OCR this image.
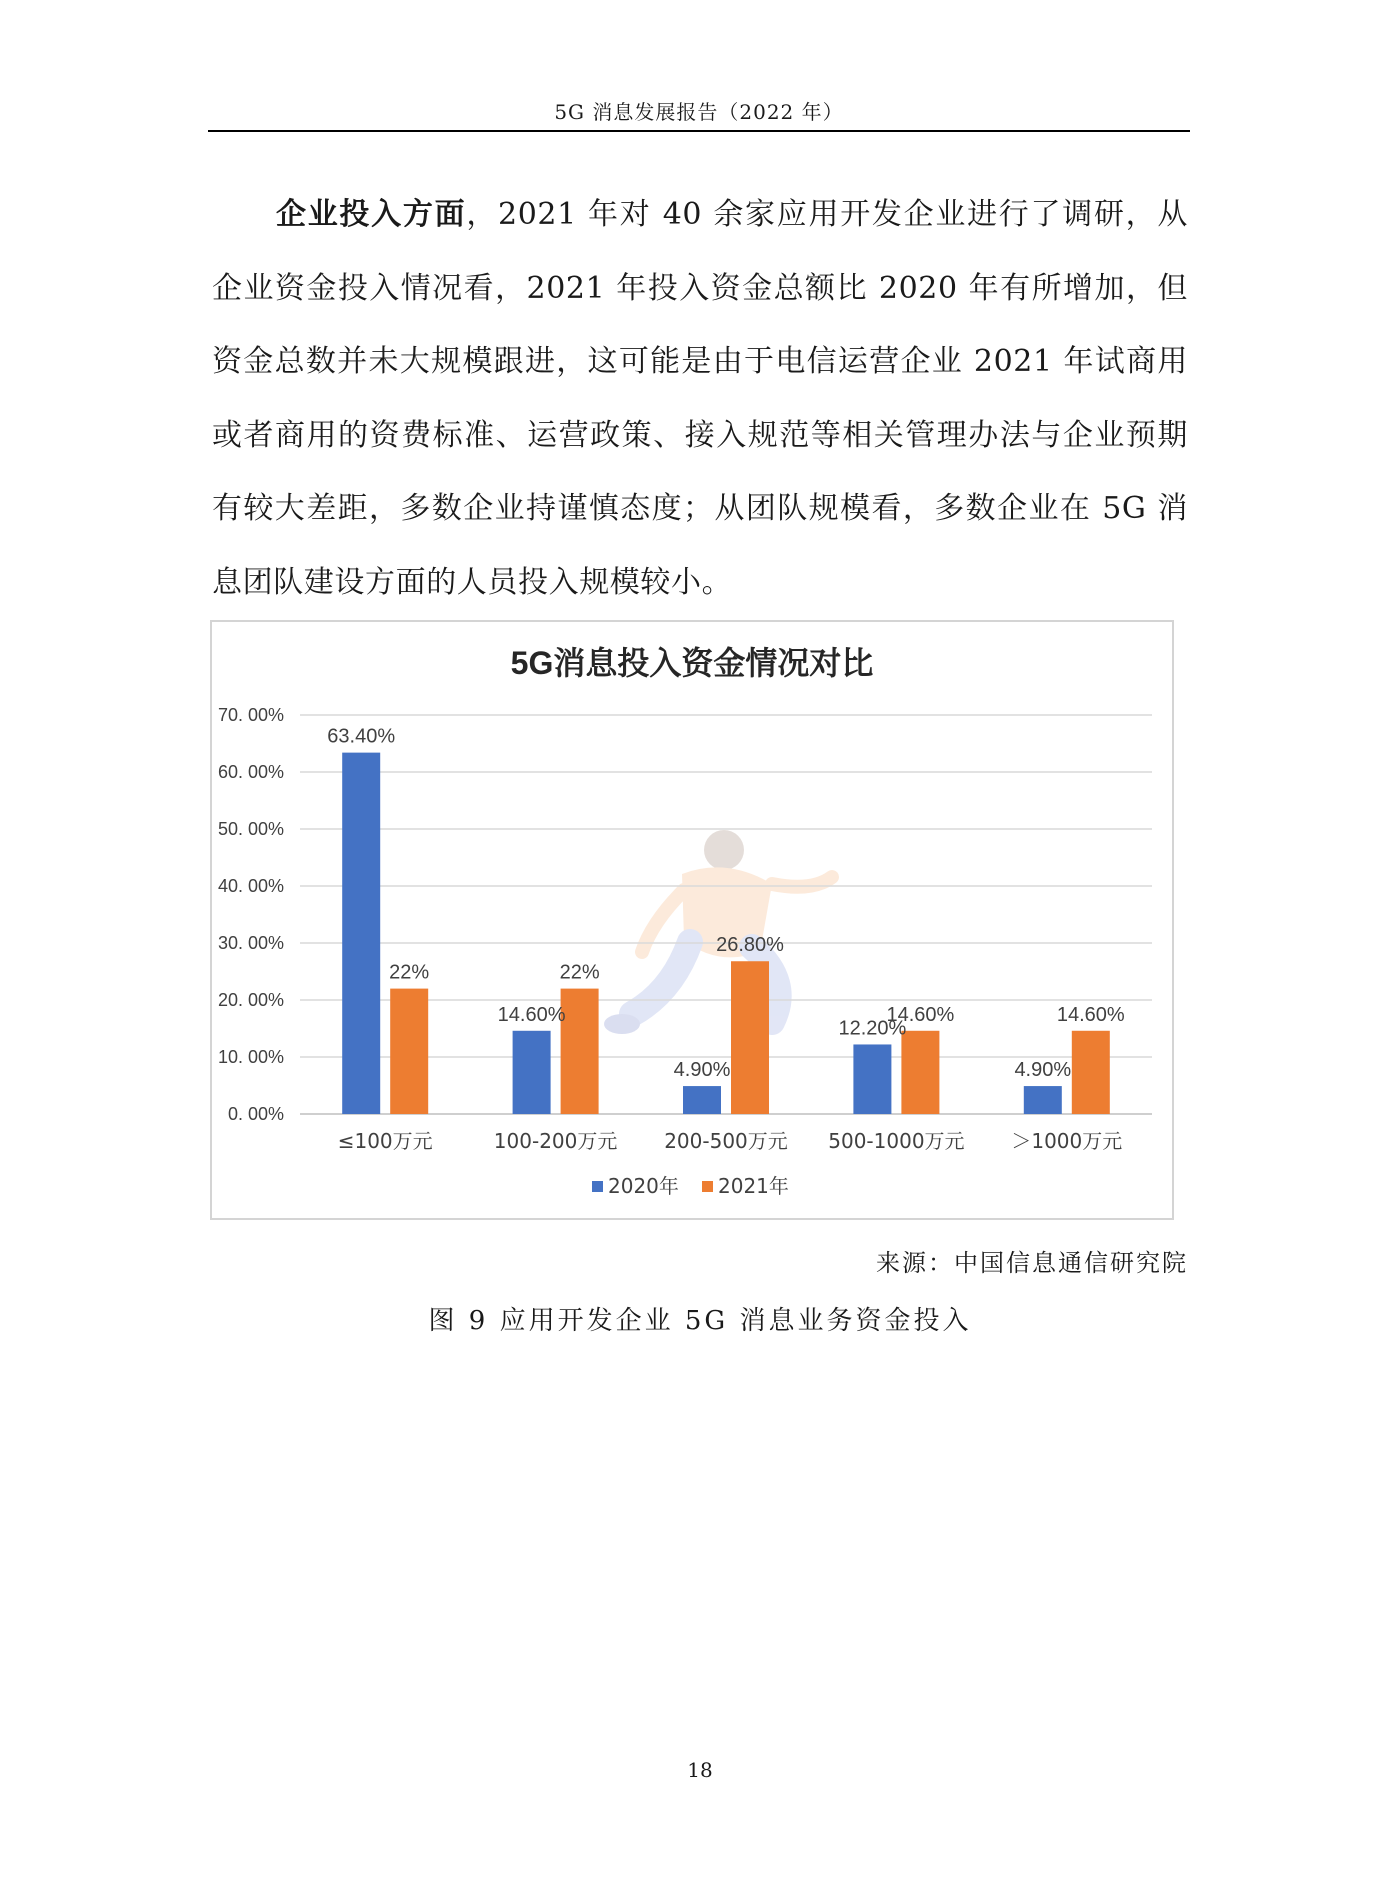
5G 消息发展报告（2022 年）

企业投入方面，2021 年对 40 余家应用开发企业进行了调研，从企业资金投入情况看，2021 年投入资金总额比 2020 年有所增加，但资金总数并未大规模跟进，这可能是由于电信运营企业 2021 年试商用或者商用的资费标准、运营政策、接入规范等相关管理办法与企业预期有较大差距，多数企业持谨慎态度；从团队规模看，多数企业在 5G 消息团队建设方面的人员投入规模较小。

0. 00%
10. 00%
20. 00%
30. 00%
40. 00%
50. 00%
60. 00%
70. 00%
63.40%
22%
14.60%
22%
4.90%
26.80%
12.20%
14.60%
4.90%
14.60%
≤100万元	100-200万元 200-500万元 500-1000万元 ＞1000万元
5G消息投入资金情况对比
2020年 2021年
来源：中国信息通信研究院
图 9 应用开发企业 5G 消息业务资金投入
18
